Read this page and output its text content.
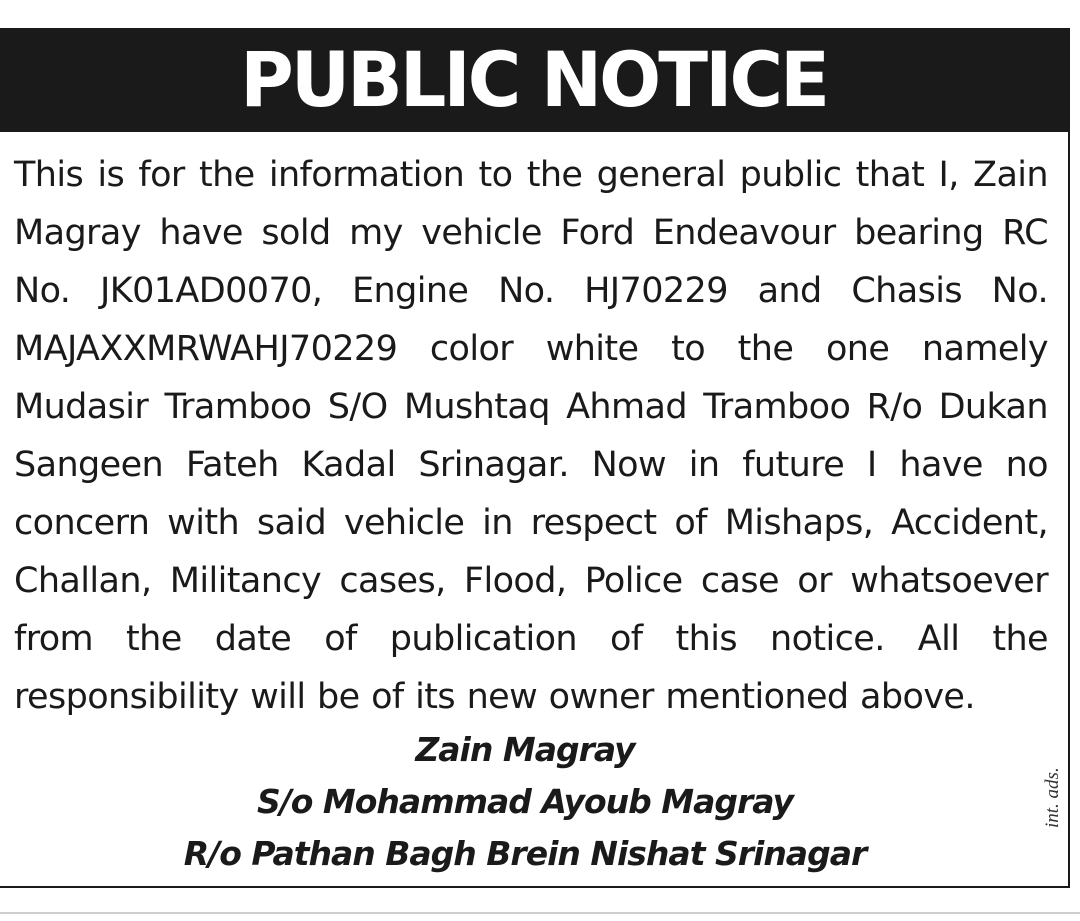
PUBLIC NOTICE

This is for the information to the general public that I, Zain Magray have sold my vehicle Ford Endeavour bearing RC No. JK01AD0070, Engine No. HJ70229 and Chasis No. MAJAXXMRWAHJ70229 color white to the one namely Mudasir Tramboo S/O Mushtaq Ahmad Tramboo R/o Dukan Sangeen Fateh Kadal Srinagar. Now in future I have no concern with said vehicle in respect of Mishaps, Accident, Challan, Militancy cases, Flood, Police case or whatsoever from the date of publication of this notice. All the responsibility will be of its new owner mentioned above.

Zain Magray
S/o Mohammad Ayoub Magray
R/o Pathan Bagh Brein Nishat Srinagar
int. ads.
